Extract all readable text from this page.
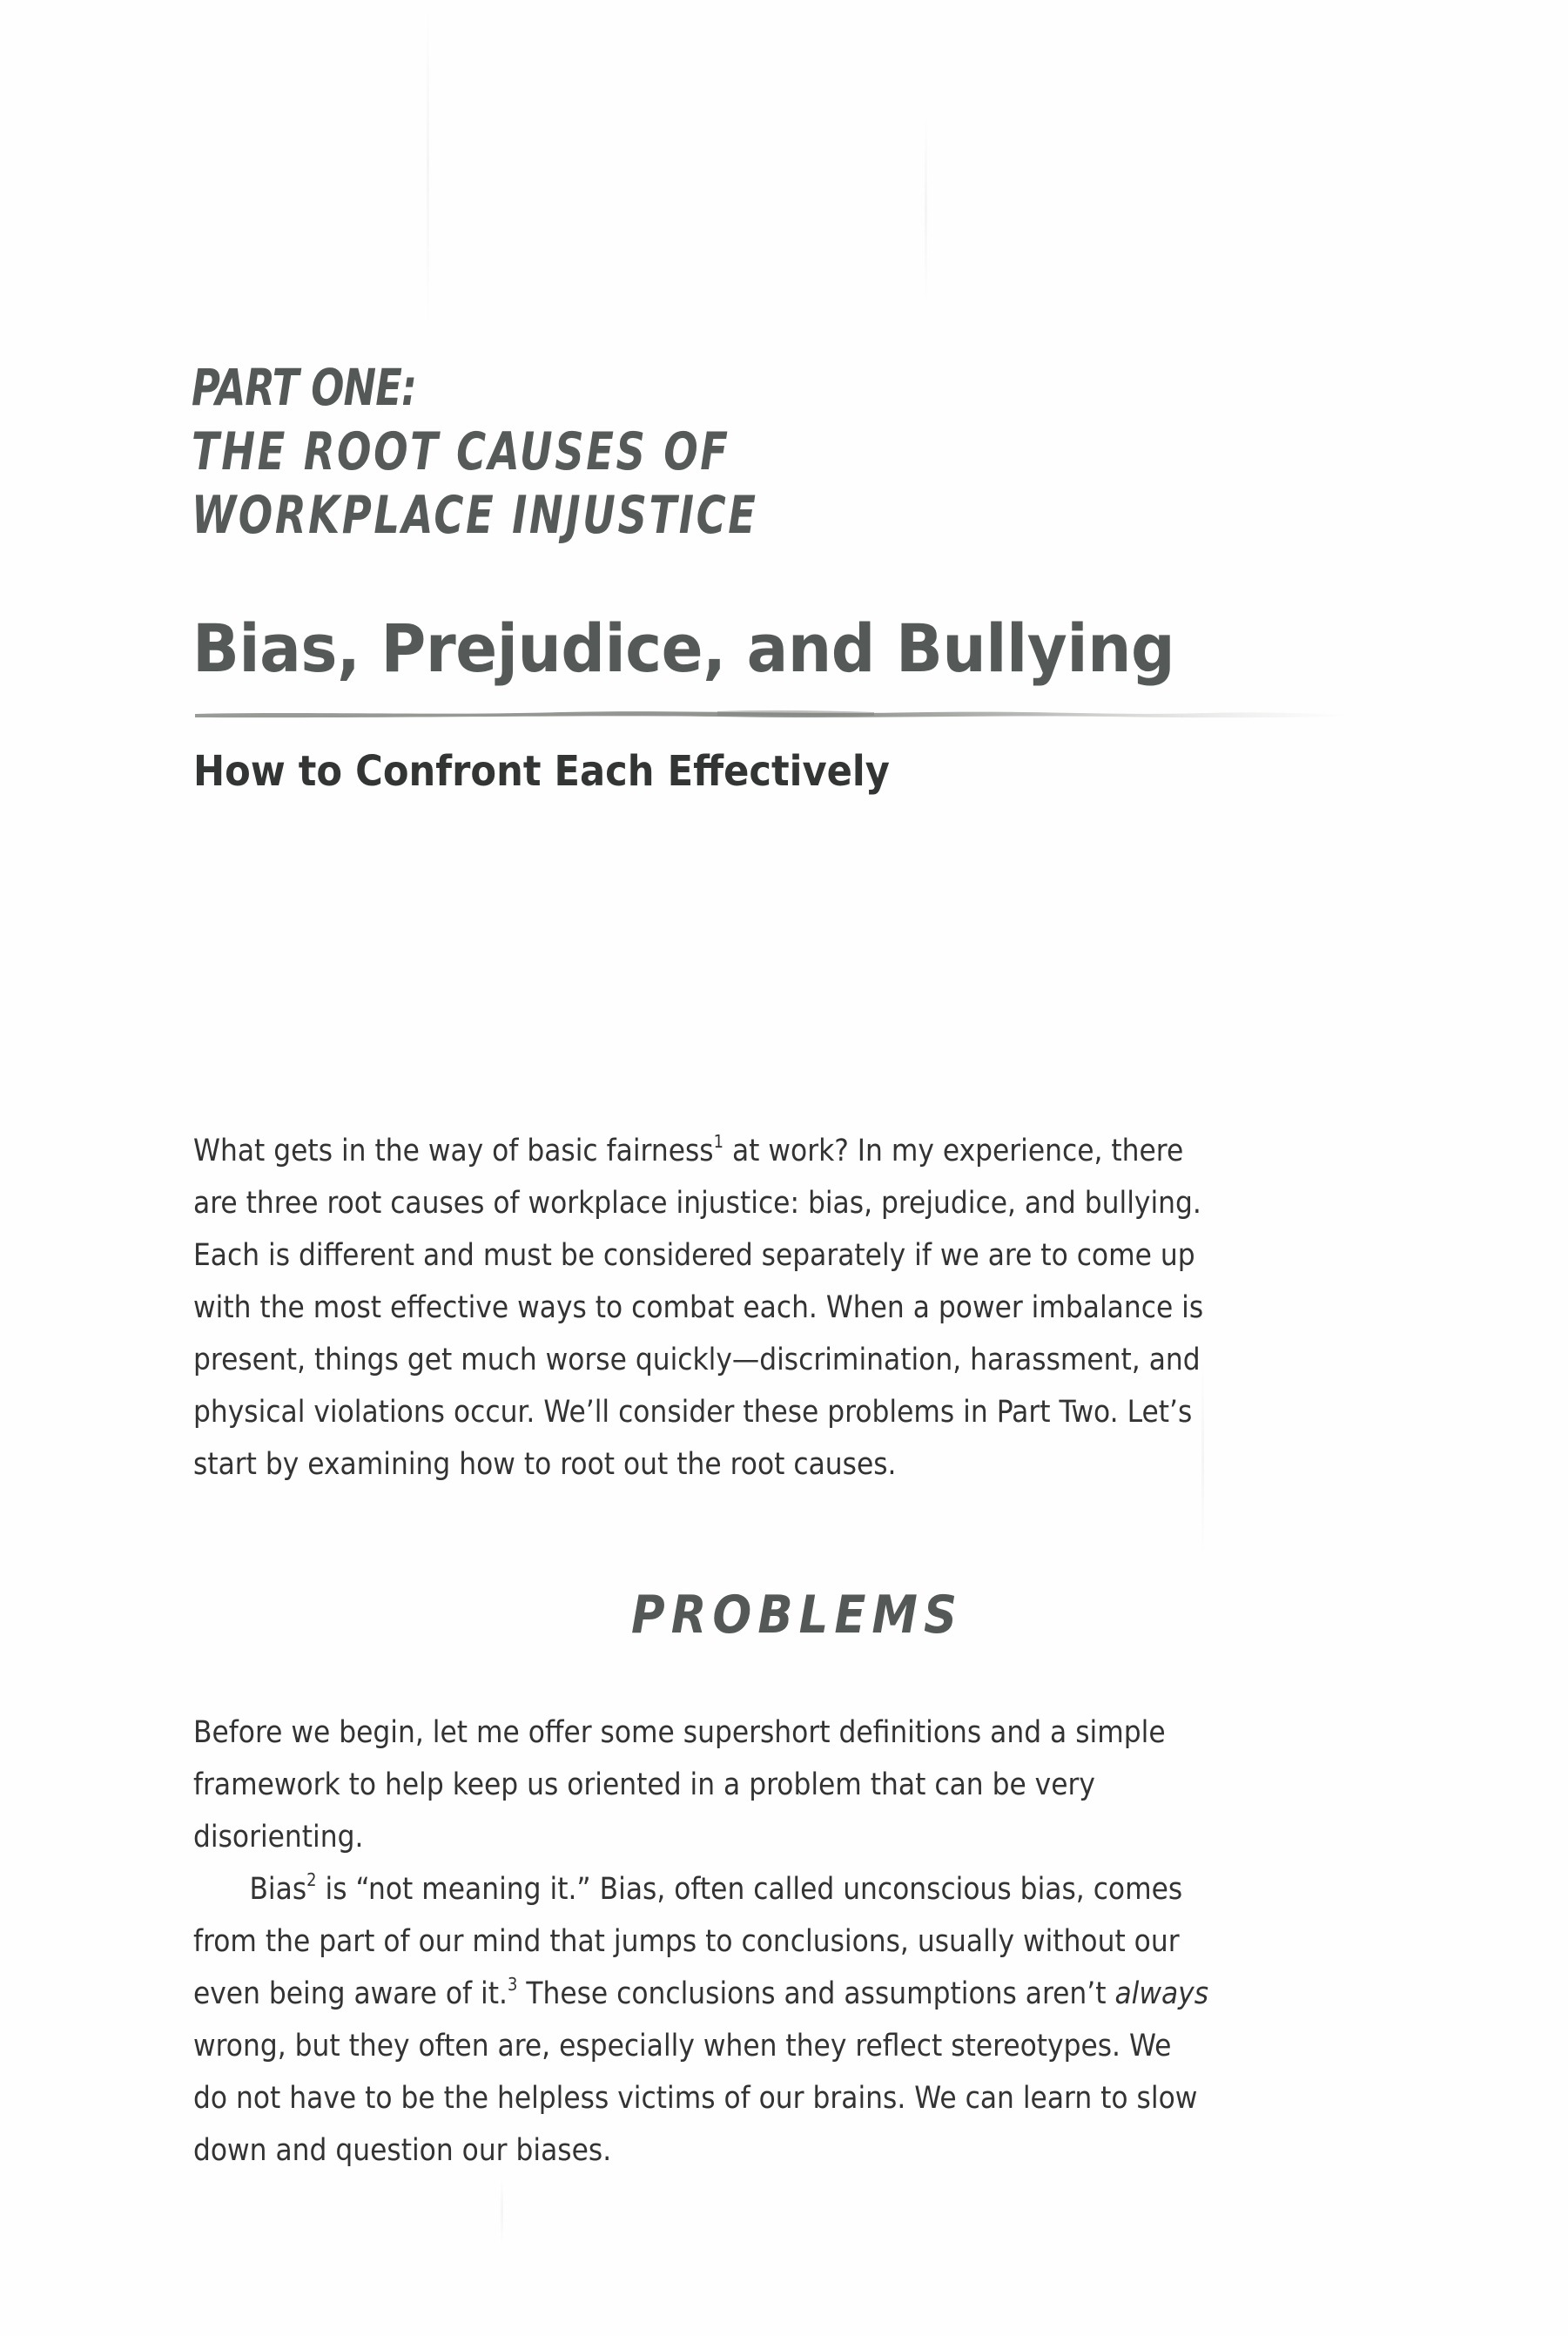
PART ONE:
THE ROOT CAUSES OF
WORKPLACE INJUSTICE
Bias, Prejudice, and Bullying
How to Confront Each Effectively

What gets in the way of basic fairness$^1$ at work? In my experience, there
are three root causes of workplace injustice: bias, prejudice, and bullying.
Each is different and must be considered separately if we are to come up
with the most effective ways to combat each. When a power imbalance is
present, things get much worse quickly—discrimination, harassment, and
physical violations occur. We’ll consider these problems in Part Two. Let’s
start by examining how to root out the root causes.

PROBLEMS
Before we begin, let me offer some supershort definitions and a simple
framework to help keep us oriented in a problem that can be very
disorienting.
Bias$^2$ is “not meaning it.” Bias, often called unconscious bias, comes
from the part of our mind that jumps to conclusions, usually without our
even being aware of it.$^3$ These conclusions and assumptions aren’t always
wrong, but they often are, especially when they reflect stereotypes. We
do not have to be the helpless victims of our brains. We can learn to slow
down and question our biases.
